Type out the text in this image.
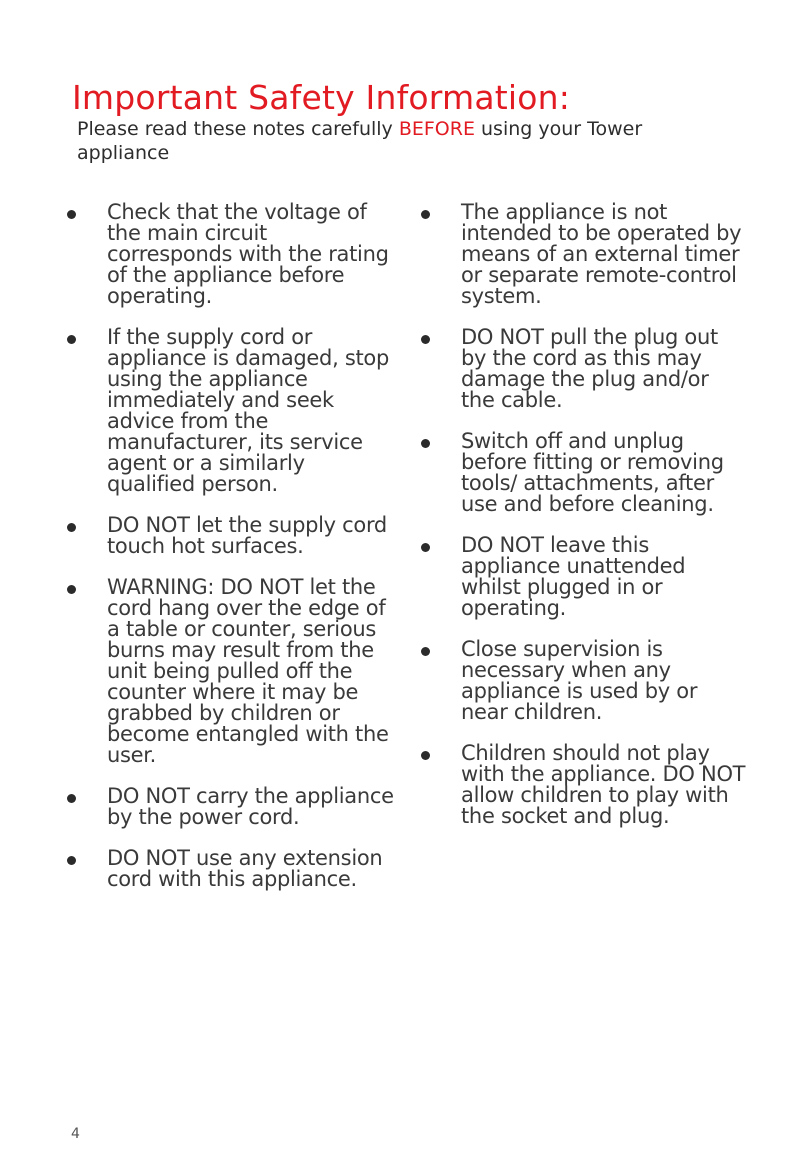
Important Safety Information:
Please read these notes carefully BEFORE using your Tower appliance
Check that the voltage of the main circuit corresponds with the rating of the appliance before operating.
If the supply cord or appliance is damaged, stop using the appliance immediately and seek advice from the manufacturer, its service agent or a similarly qualified person.
DO NOT let the supply cord touch hot surfaces.
WARNING: DO NOT let the cord hang over the edge of a table or counter, serious burns may result from the unit being pulled off the counter where it may be grabbed by children or become entangled with the user.
DO NOT carry the appliance by the power cord.
DO NOT use any extension cord with this appliance.
The appliance is not intended to be operated by means of an external timer or separate remote-control system.
DO NOT pull the plug out by the cord as this may damage the plug and/or the cable.
Switch off and unplug before fitting or removing tools/ attachments, after use and before cleaning.
DO NOT leave this appliance unattended whilst plugged in or operating.
Close supervision is necessary when any appliance is used by or near children.
Children should not play with the appliance. DO NOT allow children to play with the socket and plug.
4
